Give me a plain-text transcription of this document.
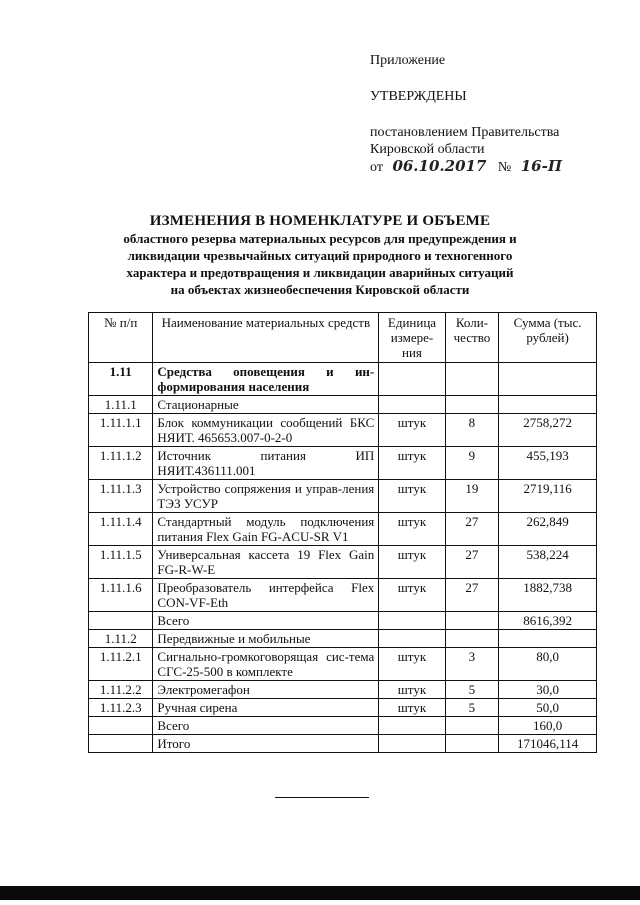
Приложение
УТВЕРЖДЕНЫ
постановлением Правительства
Кировской области
от 06.10.2017 № 16-П
ИЗМЕНЕНИЯ В НОМЕНКЛАТУРЕ И ОБЪЕМЕ
областного резерва материальных ресурсов для предупреждения и
ликвидации чрезвычайных ситуаций природного и техногенного
характера и предотвращения и ликвидации аварийных ситуаций
на объектах жизнеобеспечения Кировской области
№ п/п	Наименование материальных средств	Единица измере-ния	Коли-чество	Сумма (тыс. рублей)
1.11	Средства оповещения и ин-формирования населения			
1.11.1	Стационарные			
1.11.1.1	Блок коммуникации сообщений БКС НЯИТ. 465653.007-0-2-0	штук	8	2758,272
1.11.1.2	Источник питания ИП НЯИТ.436111.001	штук	9	455,193
1.11.1.3	Устройство сопряжения и управ-ления ТЭЗ УСУР	штук	19	2719,116
1.11.1.4	Стандартный модуль подключения питания Flex Gain FG-ACU-SR V1	штук	27	262,849
1.11.1.5	Универсальная кассета 19 Flex Gain FG-R-W-E	штук	27	538,224
1.11.1.6	Преобразователь интерфейса Flex CON-VF-Eth	штук	27	1882,738
	Всего			8616,392
1.11.2	Передвижные и мобильные			
1.11.2.1	Сигнально-громкоговорящая сис-тема СГС-25-500 в комплекте	штук	3	80,0
1.11.2.2	Электромегафон	штук	5	30,0
1.11.2.3	Ручная сирена	штук	5	50,0
	Всего			160,0
	Итого			171046,114
